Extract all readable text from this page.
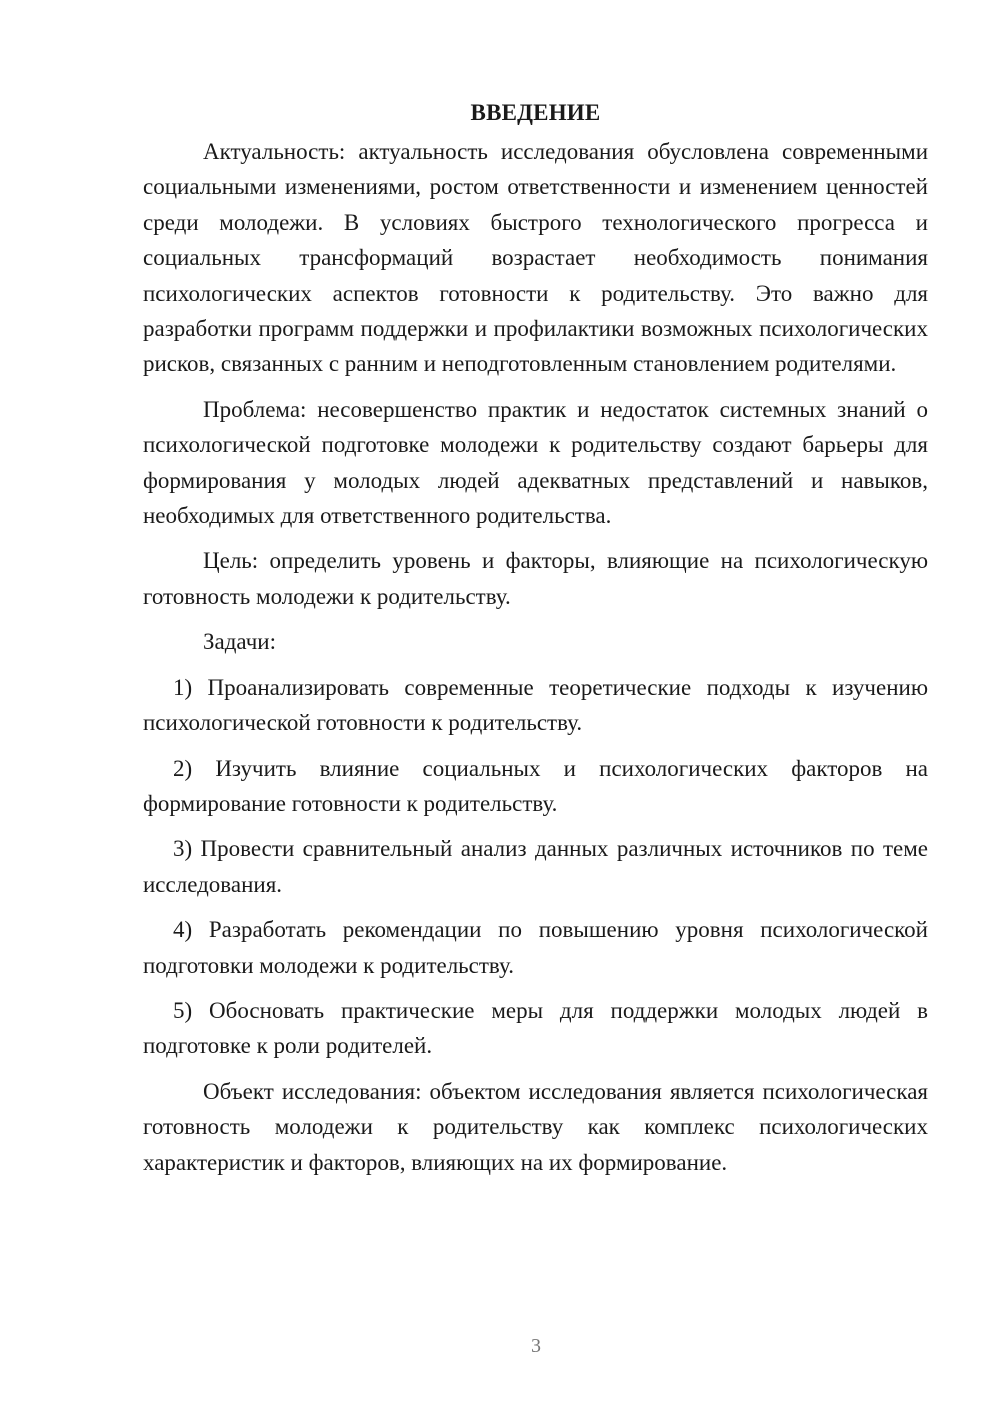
ВВЕДЕНИЕ

Актуальность: актуальность исследования обусловлена современными социальными изменениями, ростом ответственности и изменением ценностей среди молодежи. В условиях быстрого технологического прогресса и социальных трансформаций возрастает необходимость понимания психологических аспектов готовности к родительству. Это важно для разработки программ поддержки и профилактики возможных психологических рисков, связанных с ранним и неподготовленным становлением родителями.

Проблема: несовершенство практик и недостаток системных знаний о психологической подготовке молодежи к родительству создают барьеры для формирования у молодых людей адекватных представлений и навыков, необходимых для ответственного родительства.

Цель: определить уровень и факторы, влияющие на психологическую готовность молодежи к родительству.

Задачи:

1) Проанализировать современные теоретические подходы к изучению психологической готовности к родительству.

2) Изучить влияние социальных и психологических факторов на формирование готовности к родительству.

3) Провести сравнительный анализ данных различных источников по теме исследования.

4) Разработать рекомендации по повышению уровня психологической подготовки молодежи к родительству.

5) Обосновать практические меры для поддержки молодых людей в подготовке к роли родителей.

Объект исследования: объектом исследования является психологическая готовность молодежи к родительству как комплекс психологических характеристик и факторов, влияющих на их формирование.

3
